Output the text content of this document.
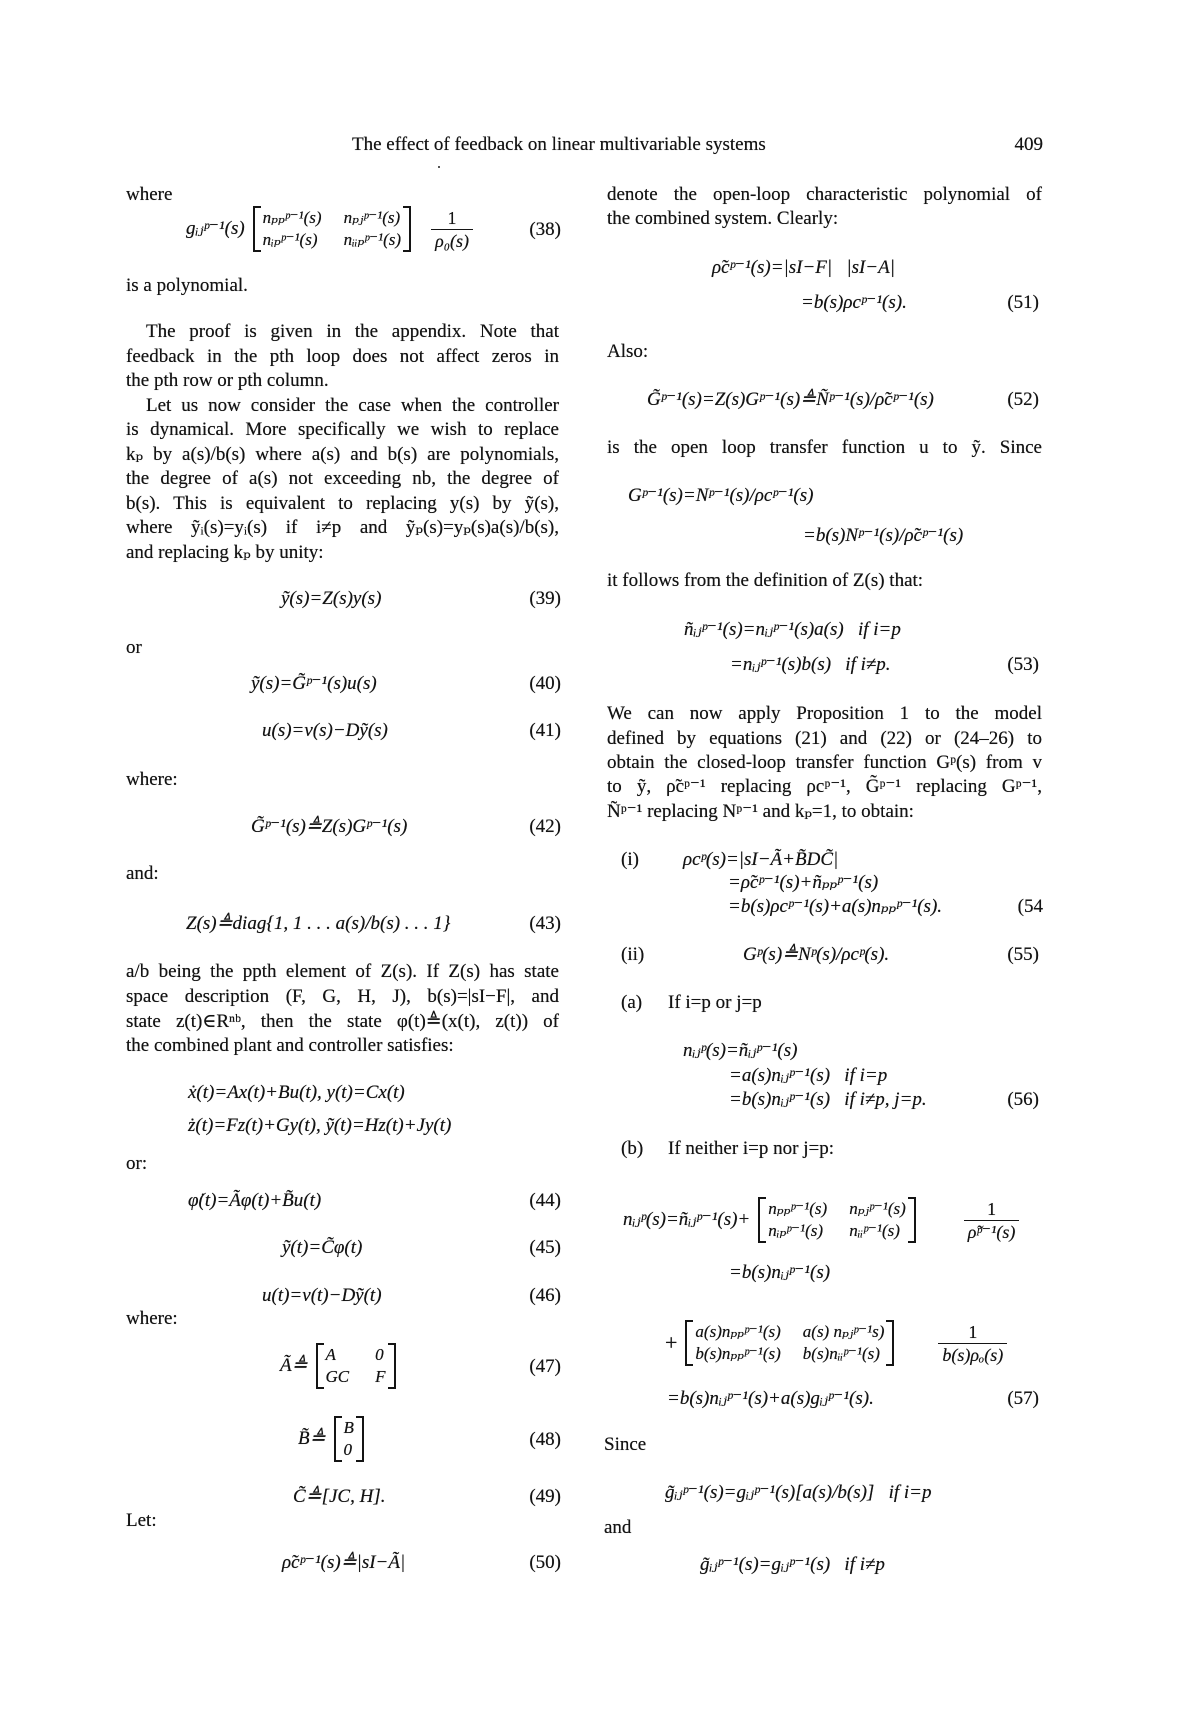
The effect of feedback on linear multivariable systems	409
where
gᵢⱼᵖ⁻¹(s)
nₚₚᵖ⁻¹(s) nₚⱼᵖ⁻¹(s)
nᵢₚᵖ⁻¹(s) nᵢᵢₚᵖ⁻¹(s) $\frac{1}{\text{ρ₀(s)}}$	(38)
is a polynomial.
The proof is given in the appendix. Note that
feedback in the pth loop does not affect zeros in
the pth row or pth column.
Let us now consider the case when the controller
is dynamical. More specifically we wish to replace
kₚ by a(s)/b(s) where a(s) and b(s) are polynomials,
the degree of a(s) not exceeding nb, the degree of
b(s). This is equivalent to replacing y(s) by ỹ(s),
where ỹᵢ(s)=yᵢ(s) if i≠p and ỹₚ(s)=yₚ(s)a(s)/b(s),
and replacing kₚ by unity:
ỹ(s)=Z(s)y(s)	(39)
or
ỹ(s)=G̃ᵖ⁻¹(s)u(s)	(40)
u(s)=v(s)−Dỹ(s)	(41)
where:
G̃ᵖ⁻¹(s)≜Z(s)Gᵖ⁻¹(s)	(42)
and:
Z(s)≜diag{1, 1 . . . a(s)/b(s) . . . 1}	(43)
a/b being the ppth element of Z(s). If Z(s) has state
space description (F, G, H, J), b(s)=|sI−F|, and
state z(t)∈Rⁿᵇ, then the state φ(t)≜(x(t), z(t)) of
the combined plant and controller satisfies:
ẋ(t)=Ax(t)+Bu(t), y(t)=Cx(t)
ż(t)=Fz(t)+Gy(t), ỹ(t)=Hz(t)+Jy(t)
or:
φ̇(t)=Ãφ(t)+B̃u(t)	(44)
ỹ(t)=C̃φ(t)	(45)
u(t)=v(t)−Dỹ(t)	(46)
where:
Ã≜
A	0
GC F	(47)
B̃≜
B
0	(48)
C̃≜[JC, H].	(49)
Let:
ρ̃cᵖ⁻¹(s)≜|sI−Ã|	(50)
denote the open-loop characteristic polynomial of
the combined system. Clearly:
ρ̃cᵖ⁻¹(s)=|sI−F|   |sI−A|
=b(s)ρcᵖ⁻¹(s).	(51)
Also:
G̃ᵖ⁻¹(s)=Z(s)Gᵖ⁻¹(s)≜Ñᵖ⁻¹(s)/ρ̃cᵖ⁻¹(s)	(52)
is the open loop transfer function u to ỹ. Since
Gᵖ⁻¹(s)=Nᵖ⁻¹(s)/ρcᵖ⁻¹(s)
=b(s)Nᵖ⁻¹(s)/ρ̃cᵖ⁻¹(s)
it follows from the definition of Z(s) that:
ñᵢⱼᵖ⁻¹(s)=nᵢⱼᵖ⁻¹(s)a(s)   if i=p
=nᵢⱼᵖ⁻¹(s)b(s)   if i≠p.	(53)
We can now apply Proposition 1 to the model
defined by equations (21) and (22) or (24–26) to
obtain the closed-loop transfer function Gᵖ(s) from v
to ỹ, ρ̃cᵖ⁻¹ replacing ρcᵖ⁻¹, G̃ᵖ⁻¹ replacing Gᵖ⁻¹,
Ñᵖ⁻¹ replacing Nᵖ⁻¹ and kₚ=1, to obtain:
(i) ρcᵖ(s)=|sI−Ã+B̃DC̃|
=ρ̃cᵖ⁻¹(s)+ñₚₚᵖ⁻¹(s)
=b(s)ρcᵖ⁻¹(s)+a(s)nₚₚᵖ⁻¹(s).	(54
(ii)	Gᵖ(s)≜Nᵖ(s)/ρcᵖ(s).	(55)
(a) If i=p or j=p
nᵢⱼᵖ(s)=ñᵢⱼᵖ⁻¹(s)
=a(s)nᵢⱼᵖ⁻¹(s)   if i=p
=b(s)nᵢⱼᵖ⁻¹(s)   if i≠p, j=p.	(56)
(b) If neither i=p nor j=p:
nᵢⱼᵖ(s)=ñᵢⱼᵖ⁻¹(s)+
nₚₚᵖ⁻¹(s) nₚⱼᵖ⁻¹(s)
nᵢₚᵖ⁻¹(s) nᵢᵢᵖ⁻¹(s)	$\frac{1}{\text{ρ̃ᵖ⁻¹(s)}}$
=b(s)nᵢⱼᵖ⁻¹(s)
+ a(s)nₚₚᵖ⁻¹(s) a(s) nₚⱼᵖ⁻¹s)
b(s)nₚₚᵖ⁻¹(s) b(s)nᵢᵢᵖ⁻¹(s)	$\frac{1}{\text{b(s)ρₒ(s)}}$
=b(s)nᵢⱼᵖ⁻¹(s)+a(s)gᵢⱼᵖ⁻¹(s).	(57)
Since
g̃ᵢⱼᵖ⁻¹(s)=gᵢⱼᵖ⁻¹(s)[a(s)/b(s)]   if i=p
and
g̃ᵢⱼᵖ⁻¹(s)=gᵢⱼᵖ⁻¹(s)   if i≠p
